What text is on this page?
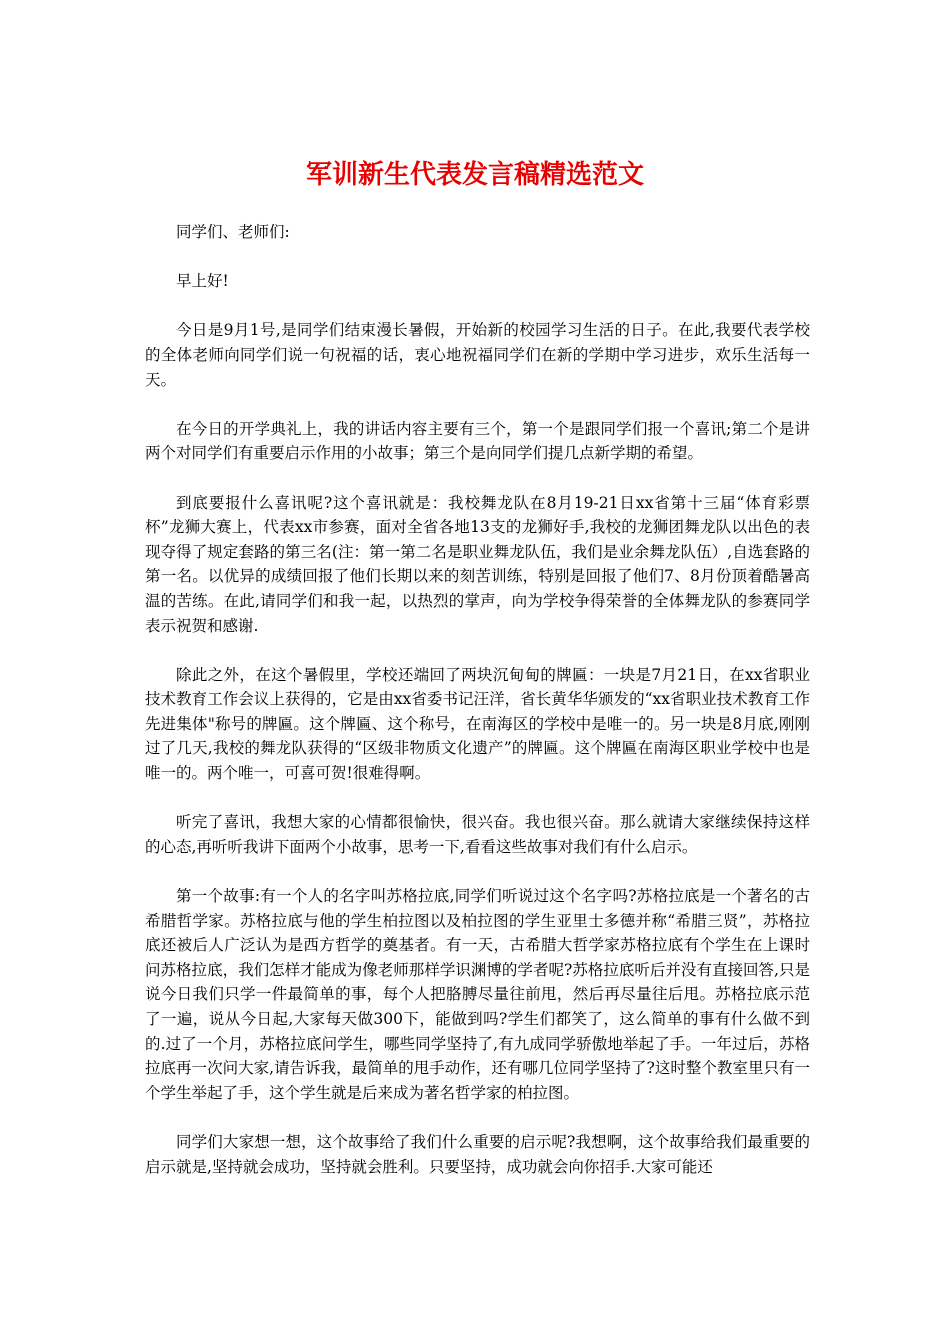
军训新生代表发言稿精选范文

同学们、老师们:

早上好!

今日是9月1号,是同学们结束漫长暑假，开始新的校园学习生活的日子。在此,我要代表学校的全体老师向同学们说一句祝福的话，衷心地祝福同学们在新的学期中学习进步，欢乐生活每一天。

在今日的开学典礼上，我的讲话内容主要有三个，第一个是跟同学们报一个喜讯;第二个是讲两个对同学们有重要启示作用的小故事；第三个是向同学们提几点新学期的希望。

到底要报什么喜讯呢?这个喜讯就是：我校舞龙队在8月19-21日xx省第十三届“体育彩票杯”龙狮大赛上，代表xx市参赛，面对全省各地13支的龙狮好手,我校的龙狮团舞龙队以出色的表现夺得了规定套路的第三名(注：第一第二名是职业舞龙队伍，我们是业余舞龙队伍）,自选套路的第一名。以优异的成绩回报了他们长期以来的刻苦训练，特别是回报了他们7、8月份顶着酷暑高温的苦练。在此,请同学们和我一起，以热烈的掌声，向为学校争得荣誉的全体舞龙队的参赛同学表示祝贺和感谢.

除此之外，在这个暑假里，学校还端回了两块沉甸甸的牌匾：一块是7月21日，在xx省职业技术教育工作会议上获得的，它是由xx省委书记汪洋，省长黄华华颁发的“xx省职业技术教育工作先进集体"称号的牌匾。这个牌匾、这个称号，在南海区的学校中是唯一的。另一块是8月底,刚刚过了几天,我校的舞龙队获得的“区级非物质文化遗产”的牌匾。这个牌匾在南海区职业学校中也是唯一的。两个唯一，可喜可贺!很难得啊。

听完了喜讯，我想大家的心情都很愉快，很兴奋。我也很兴奋。那么就请大家继续保持这样的心态,再听听我讲下面两个小故事，思考一下,看看这些故事对我们有什么启示。

第一个故事:有一个人的名字叫苏格拉底,同学们听说过这个名字吗?苏格拉底是一个著名的古希腊哲学家。苏格拉底与他的学生柏拉图以及柏拉图的学生亚里士多德并称“希腊三贤”，苏格拉底还被后人广泛认为是西方哲学的奠基者。有一天，古希腊大哲学家苏格拉底有个学生在上课时问苏格拉底，我们怎样才能成为像老师那样学识渊博的学者呢?苏格拉底听后并没有直接回答,只是说今日我们只学一件最简单的事，每个人把胳膊尽量往前甩，然后再尽量往后甩。苏格拉底示范了一遍，说从今日起,大家每天做300下，能做到吗?学生们都笑了，这么简单的事有什么做不到的.过了一个月，苏格拉底问学生，哪些同学坚持了,有九成同学骄傲地举起了手。一年过后，苏格拉底再一次问大家,请告诉我，最简单的甩手动作，还有哪几位同学坚持了?这时整个教室里只有一个学生举起了手，这个学生就是后来成为著名哲学家的柏拉图。

同学们大家想一想，这个故事给了我们什么重要的启示呢?我想啊，这个故事给我们最重要的启示就是,坚持就会成功，坚持就会胜利。只要坚持，成功就会向你招手.大家可能还
